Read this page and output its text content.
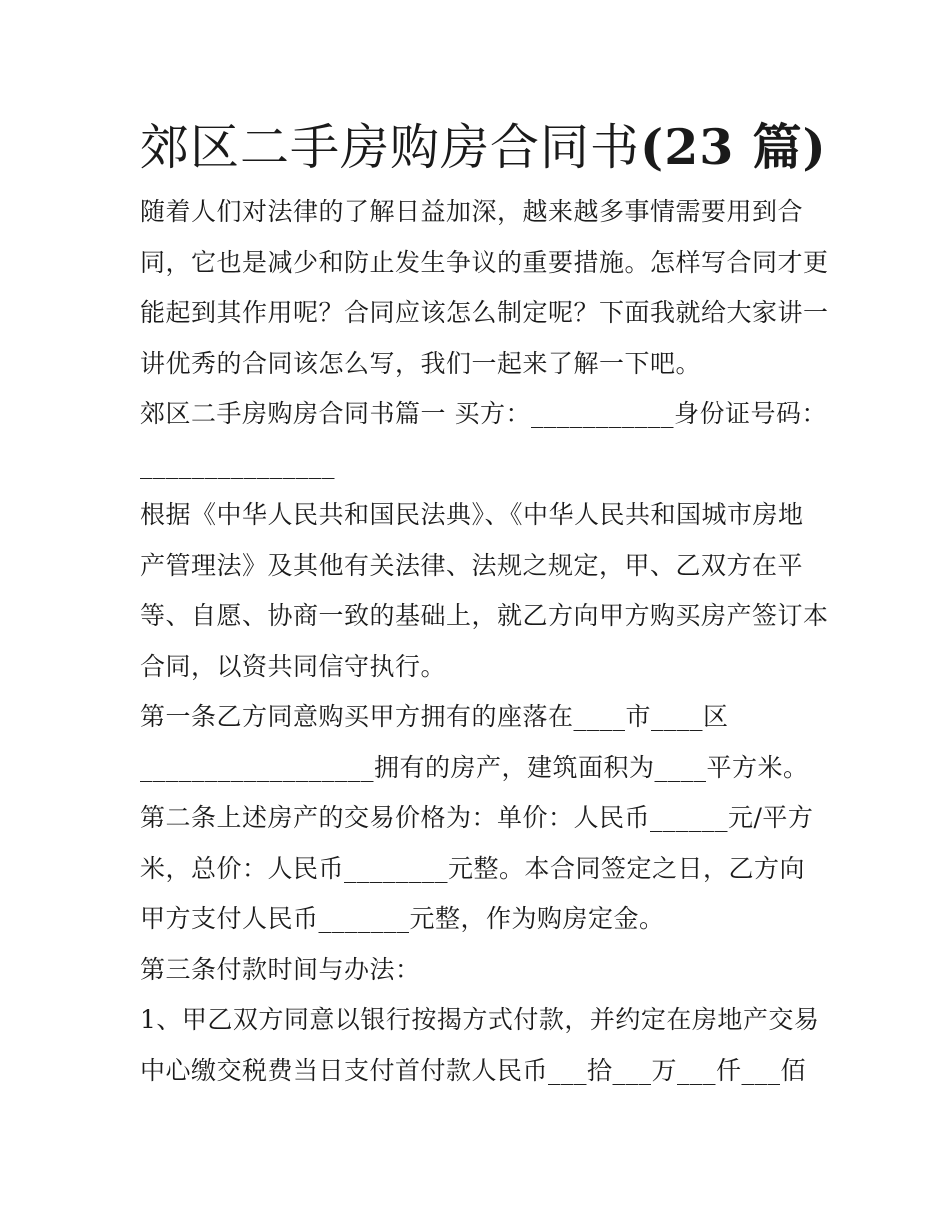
郊区二手房购房合同书(23 篇)
随着人们对法律的了解日益加深，越来越多事情需要用到合
同，它也是减少和防止发生争议的重要措施。怎样写合同才更
能起到其作用呢？合同应该怎么制定呢？下面我就给大家讲一
讲优秀的合同该怎么写，我们一起来了解一下吧。
郊区二手房购房合同书篇一 买方：___________身份证号码：
_______________
根据《中华人民共和国民法典》、《中华人民共和国城市房地
产管理法》及其他有关法律、法规之规定，甲、乙双方在平
等、自愿、协商一致的基础上，就乙方向甲方购买房产签订本
合同，以资共同信守执行。
第一条乙方同意购买甲方拥有的座落在____市____区
__________________拥有的房产，建筑面积为____平方米。
第二条上述房产的交易价格为：单价：人民币______元/平方
米，总价：人民币________元整。本合同签定之日，乙方向
甲方支付人民币_______元整，作为购房定金。
第三条付款时间与办法：
1、甲乙双方同意以银行按揭方式付款，并约定在房地产交易
中心缴交税费当日支付首付款人民币___拾___万___仟___佰
